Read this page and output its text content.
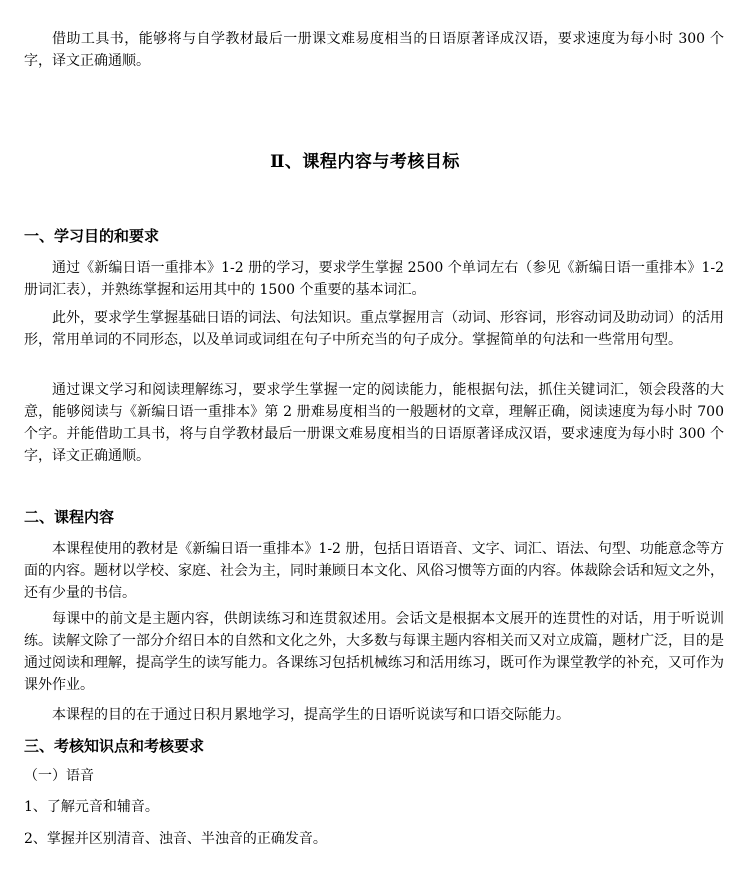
借助工具书，能够将与自学教材最后一册课文难易度相当的日语原著译成汉语，要求速度为每小时 300 个字，译文正确通顺。

Ⅱ、课程内容与考核目标
一、学习目的和要求

通过《新编日语一重排本》1-2 册的学习，要求学生掌握 2500 个单词左右（参见《新编日语一重排本》1-2 册词汇表），并熟练掌握和运用其中的 1500 个重要的基本词汇。

此外，要求学生掌握基础日语的词法、句法知识。重点掌握用言（动词、形容词，形容动词及助动词）的活用形，常用单词的不同形态，以及单词或词组在句子中所充当的句子成分。掌握简单的句法和一些常用句型。

通过课文学习和阅读理解练习，要求学生掌握一定的阅读能力，能根据句法，抓住关键词汇，领会段落的大意，能够阅读与《新编日语一重排本》第 2 册难易度相当的一般题材的文章，理解正确，阅读速度为每小时 700 个字。并能借助工具书，将与自学教材最后一册课文难易度相当的日语原著译成汉语，要求速度为每小时 300 个字，译文正确通顺。

二、课程内容

本课程使用的教材是《新编日语一重排本》1-2 册，包括日语语音、文字、词汇、语法、句型、功能意念等方面的内容。题材以学校、家庭、社会为主，同时兼顾日本文化、风俗习惯等方面的内容。体裁除会话和短文之外，还有少量的书信。

每课中的前文是主题内容，供朗读练习和连贯叙述用。会话文是根据本文展开的连贯性的对话，用于听说训练。读解文除了一部分介绍日本的自然和文化之外，大多数与每课主题内容相关而又对立成篇，题材广泛，目的是通过阅读和理解，提高学生的读写能力。各课练习包括机械练习和活用练习，既可作为课堂教学的补充，又可作为课外作业。

本课程的目的在于通过日积月累地学习，提高学生的日语听说读写和口语交际能力。

三、考核知识点和考核要求

（一）语音

1、了解元音和辅音。

2、掌握并区别清音、浊音、半浊音的正确发音。
